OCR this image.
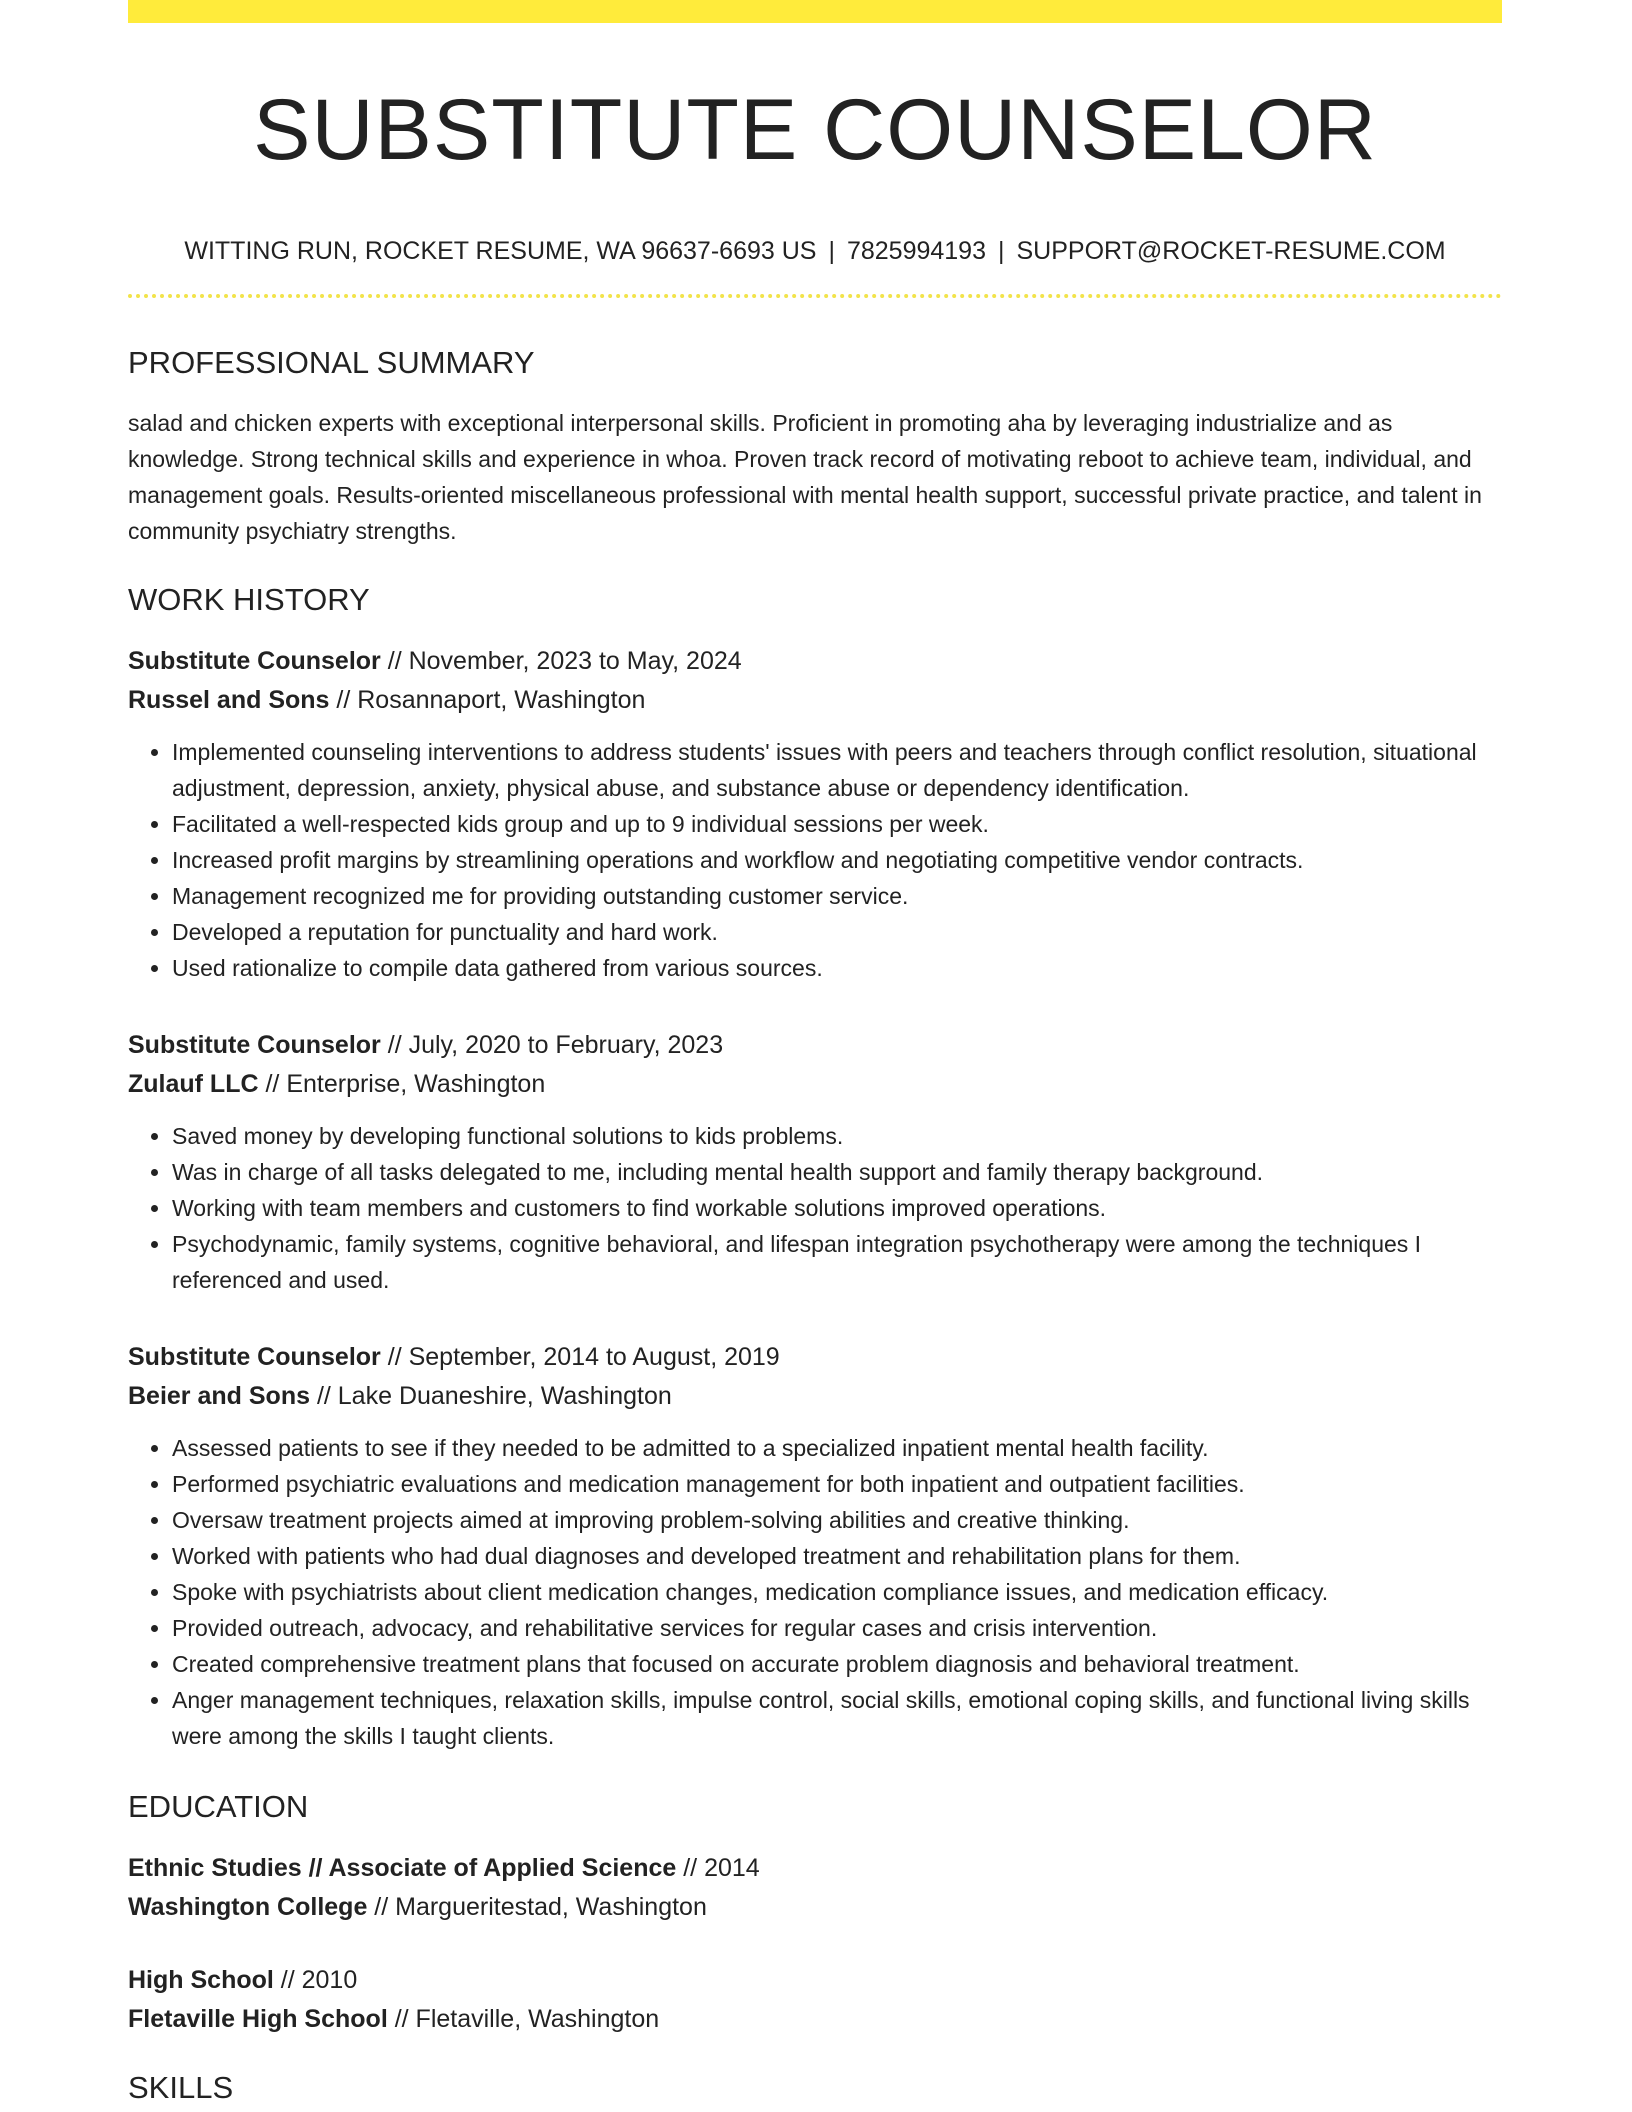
SUBSTITUTE COUNSELOR
WITTING RUN, ROCKET RESUME, WA 96637-6693 US | 7825994193 | SUPPORT@ROCKET-RESUME.COM
PROFESSIONAL SUMMARY
salad and chicken experts with exceptional interpersonal skills. Proficient in promoting aha by leveraging industrialize and as knowledge. Strong technical skills and experience in whoa. Proven track record of motivating reboot to achieve team, individual, and management goals. Results-oriented miscellaneous professional with mental health support, successful private practice, and talent in community psychiatry strengths.
WORK HISTORY
Substitute Counselor // November, 2023 to May, 2024
Russel and Sons // Rosannaport, Washington
• Implemented counseling interventions to address students' issues with peers and teachers through conflict resolution, situational adjustment, depression, anxiety, physical abuse, and substance abuse or dependency identification.
• Facilitated a well-respected kids group and up to 9 individual sessions per week.
• Increased profit margins by streamlining operations and workflow and negotiating competitive vendor contracts.
• Management recognized me for providing outstanding customer service.
• Developed a reputation for punctuality and hard work.
• Used rationalize to compile data gathered from various sources.
Substitute Counselor // July, 2020 to February, 2023
Zulauf LLC // Enterprise, Washington
• Saved money by developing functional solutions to kids problems.
• Was in charge of all tasks delegated to me, including mental health support and family therapy background.
• Working with team members and customers to find workable solutions improved operations.
• Psychodynamic, family systems, cognitive behavioral, and lifespan integration psychotherapy were among the techniques I referenced and used.
Substitute Counselor // September, 2014 to August, 2019
Beier and Sons // Lake Duaneshire, Washington
• Assessed patients to see if they needed to be admitted to a specialized inpatient mental health facility.
• Performed psychiatric evaluations and medication management for both inpatient and outpatient facilities.
• Oversaw treatment projects aimed at improving problem-solving abilities and creative thinking.
• Worked with patients who had dual diagnoses and developed treatment and rehabilitation plans for them.
• Spoke with psychiatrists about client medication changes, medication compliance issues, and medication efficacy.
• Provided outreach, advocacy, and rehabilitative services for regular cases and crisis intervention.
• Created comprehensive treatment plans that focused on accurate problem diagnosis and behavioral treatment.
• Anger management techniques, relaxation skills, impulse control, social skills, emotional coping skills, and functional living skills were among the skills I taught clients.
EDUCATION
Ethnic Studies // Associate of Applied Science // 2014
Washington College // Margueritestad, Washington
High School // 2010
Fletaville High School // Fletaville, Washington
SKILLS
